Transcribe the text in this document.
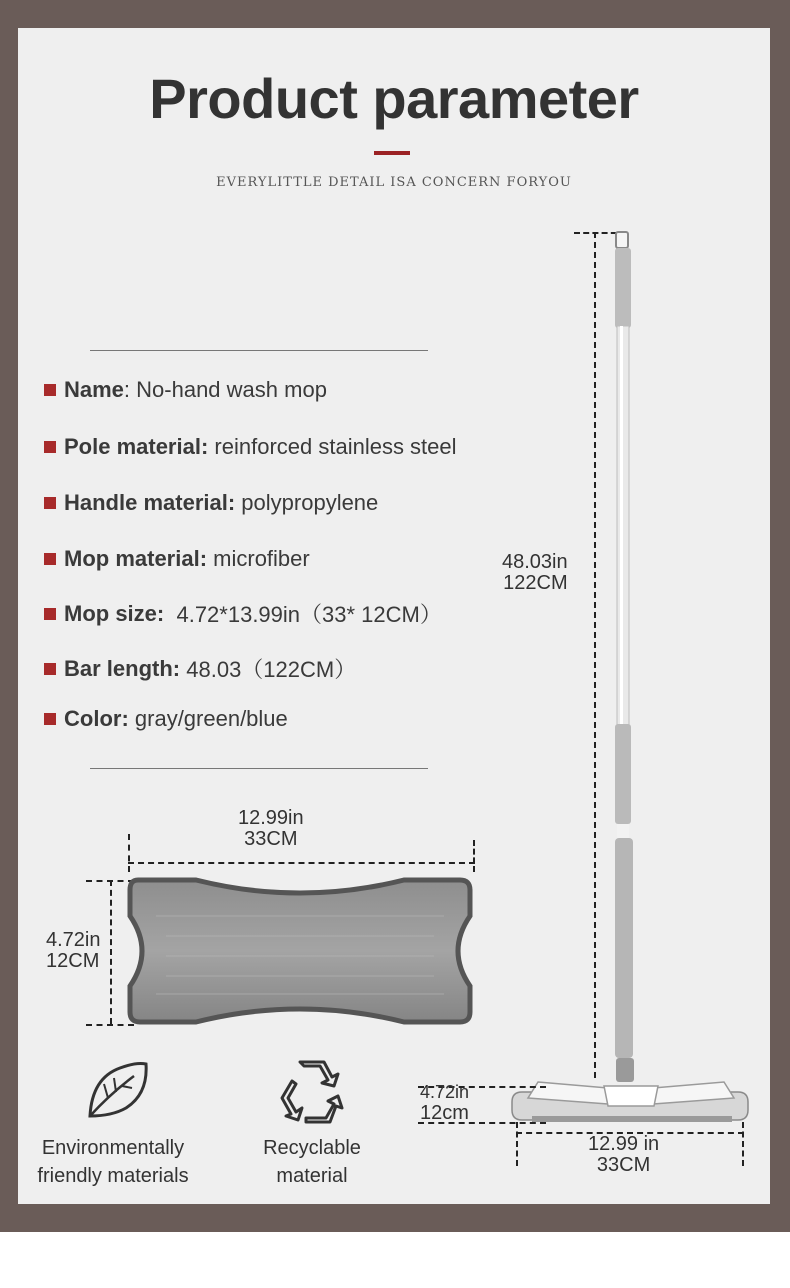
Product parameter
EVERYLITTLE DETAIL ISA CONCERN FORYOU
Name : No-hand wash mop
Pole material:
reinforced stainless steel
Handle material:
polypropylene
Mop material:
microfiber
Mop size:
4.72*13.99in（33* 12CM）
Bar length:
48.03（122CM）
Color:
gray/green/blue
12.99in
33CM
4.72in
12CM
48.03in
122CM
4.72in
12cm
12.99 in
33CM
Environmentally
friendly materials
Recyclable
material
